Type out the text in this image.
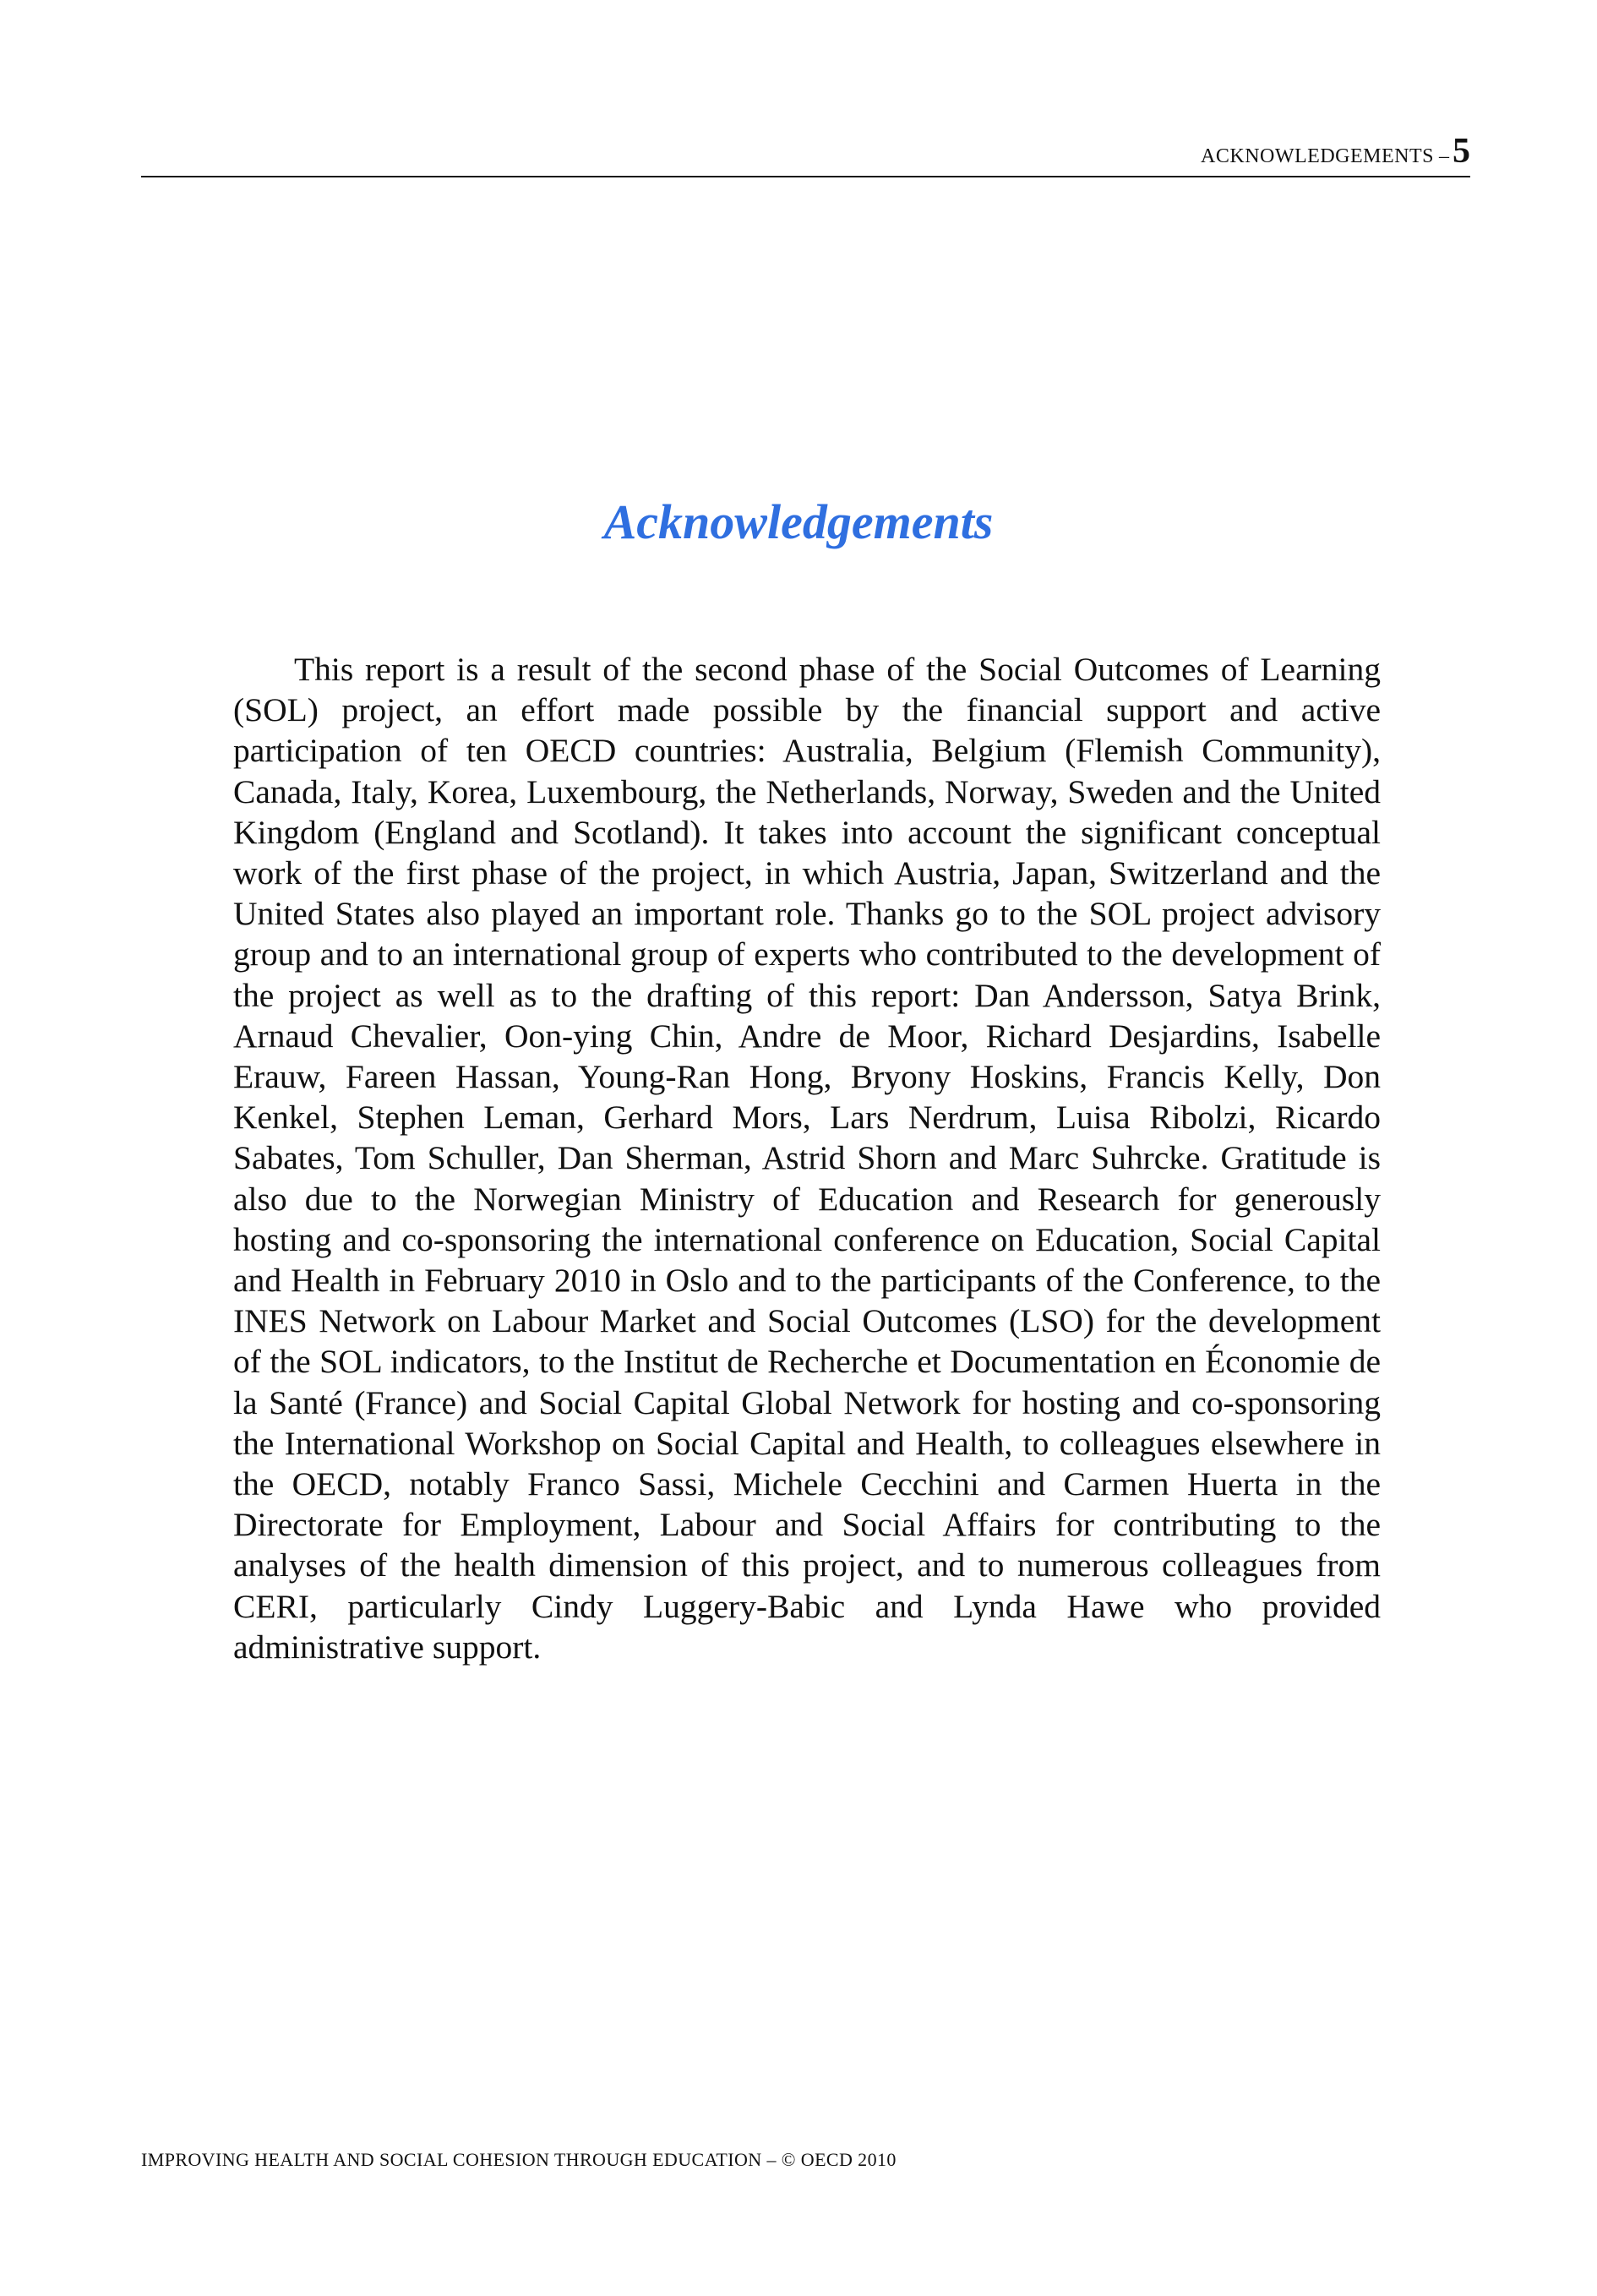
ACKNOWLEDGEMENTS –5
Acknowledgements

This report is a result of the second phase of the Social Outcomes of Learning (SOL) project, an effort made possible by the financial support and active participation of ten OECD countries: Australia, Belgium (Flemish Community), Canada, Italy, Korea, Luxembourg, the Netherlands, Norway, Sweden and the United Kingdom (England and Scotland). It takes into account the significant conceptual work of the first phase of the project, in which Austria, Japan, Switzerland and the United States also played an important role. Thanks go to the SOL project advisory group and to an international group of experts who contributed to the development of the project as well as to the drafting of this report: Dan Andersson, Satya Brink, Arnaud Chevalier, Oon-ying Chin, Andre de Moor, Richard Desjardins, Isabelle Erauw, Fareen Hassan, Young-Ran Hong, Bryony Hoskins, Francis Kelly, Don Kenkel, Stephen Leman, Gerhard Mors, Lars Nerdrum, Luisa Ribolzi, Ricardo Sabates, Tom Schuller, Dan Sherman, Astrid Shorn and Marc Suhrcke. Gratitude is also due to the Norwegian Ministry of Education and Research for generously hosting and co-sponsoring the international conference on Education, Social Capital and Health in February 2010 in Oslo and to the participants of the Conference, to the INES Network on Labour Market and Social Outcomes (LSO) for the development of the SOL indicators, to the Institut de Recherche et Documentation en Économie de la Santé (France) and Social Capital Global Network for hosting and co-sponsoring the International Workshop on Social Capital and Health, to colleagues elsewhere in the OECD, notably Franco Sassi, Michele Cecchini and Carmen Huerta in the Directorate for Employment, Labour and Social Affairs for contributing to the analyses of the health dimension of this project, and to numerous colleagues from CERI, particularly Cindy Luggery-Babic and Lynda Hawe who provided administrative support.

IMPROVING HEALTH AND SOCIAL COHESION THROUGH EDUCATION – © OECD 2010
